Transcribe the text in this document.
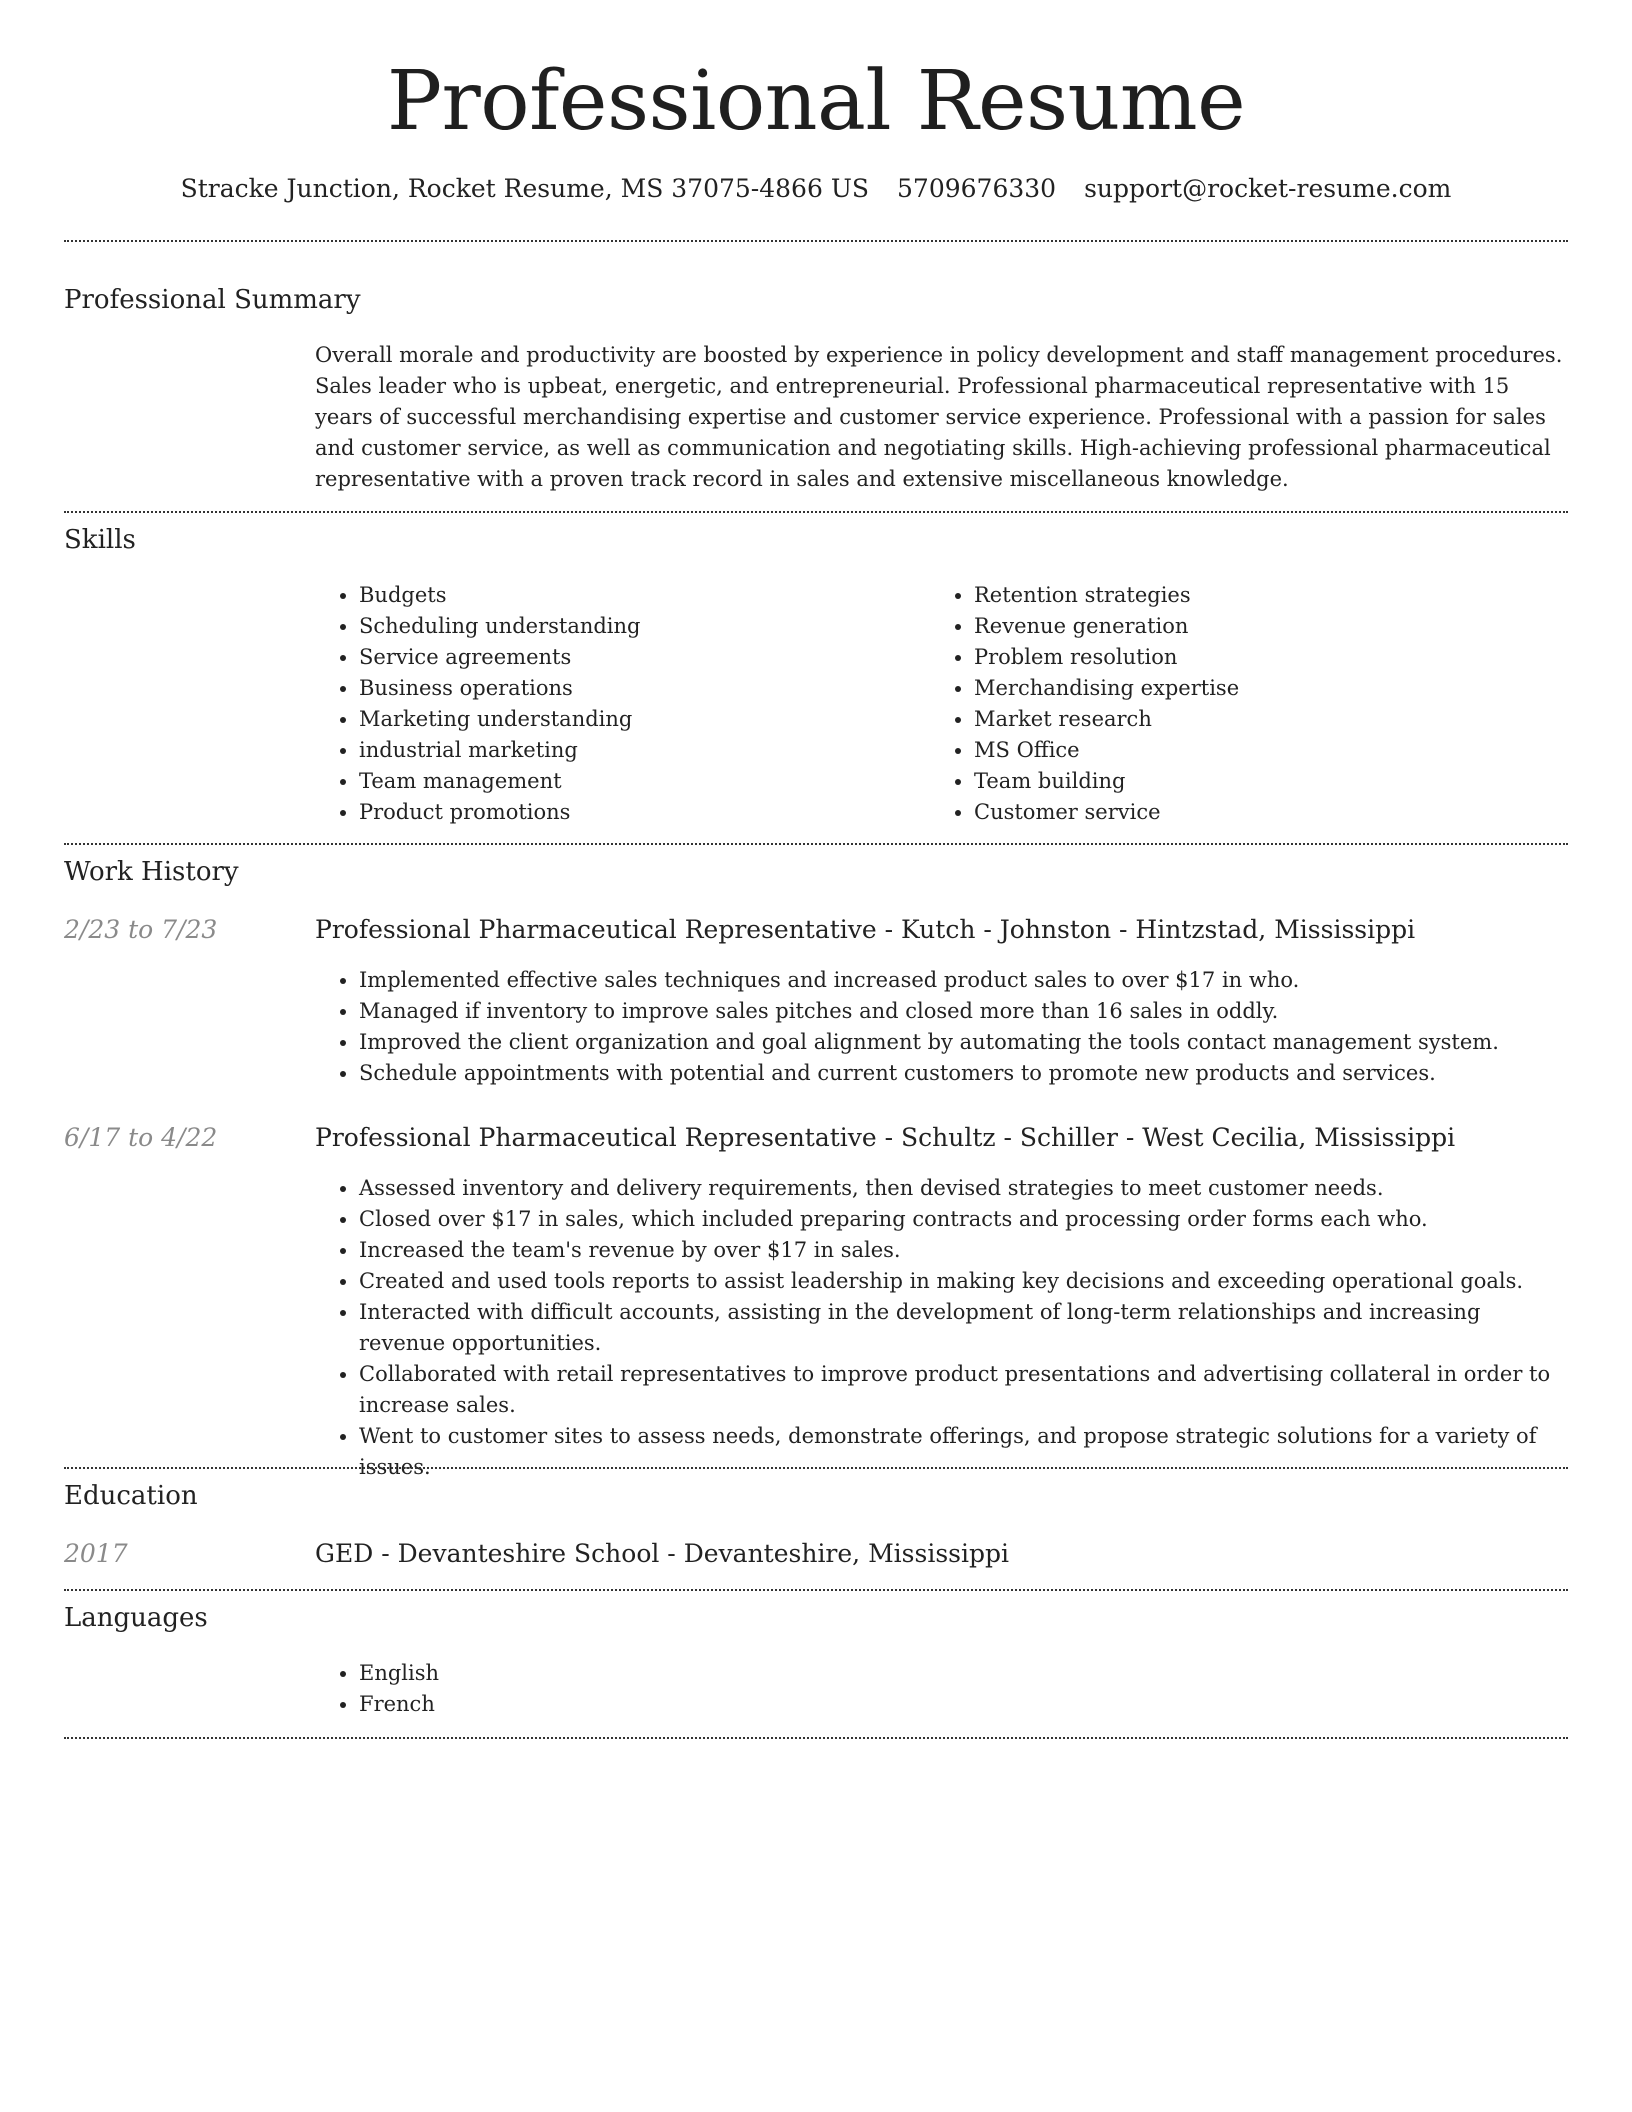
Professional Resume
Stracke Junction, Rocket Resume, MS 37075-4866 US 5709676330 support@rocket-resume.com
Professional Summary
Overall morale and productivity are boosted by experience in policy development and staff management procedures. Sales leader who is upbeat, energetic, and entrepreneurial. Professional pharmaceutical representative with 15 years of successful merchandising expertise and customer service experience. Professional with a passion for sales and customer service, as well as communication and negotiating skills. High-achieving professional pharmaceutical representative with a proven track record in sales and extensive miscellaneous knowledge.
Skills
• Budgets
• Scheduling understanding
• Service agreements
• Business operations
• Marketing understanding
• industrial marketing
• Team management
• Product promotions
• Retention strategies
• Revenue generation
• Problem resolution
• Merchandising expertise
• Market research
• MS Office
• Team building
• Customer service
Work History
2/23 to 7/23	Professional Pharmaceutical Representative - Kutch - Johnston - Hintzstad, Mississippi
• Implemented effective sales techniques and increased product sales to over $17 in who.
• Managed if inventory to improve sales pitches and closed more than 16 sales in oddly.
• Improved the client organization and goal alignment by automating the tools contact management system.
• Schedule appointments with potential and current customers to promote new products and services.
6/17 to 4/22	Professional Pharmaceutical Representative - Schultz - Schiller - West Cecilia, Mississippi
• Assessed inventory and delivery requirements, then devised strategies to meet customer needs.
• Closed over $17 in sales, which included preparing contracts and processing order forms each who.
• Increased the team's revenue by over $17 in sales.
• Created and used tools reports to assist leadership in making key decisions and exceeding operational goals.
• Interacted with difficult accounts, assisting in the development of long-term relationships and increasing revenue opportunities.
• Collaborated with retail representatives to improve product presentations and advertising collateral in order to increase sales.
• Went to customer sites to assess needs, demonstrate offerings, and propose strategic solutions for a variety of issues.
Education
2017	GED - Devanteshire School - Devanteshire, Mississippi
Languages
• English
• French
